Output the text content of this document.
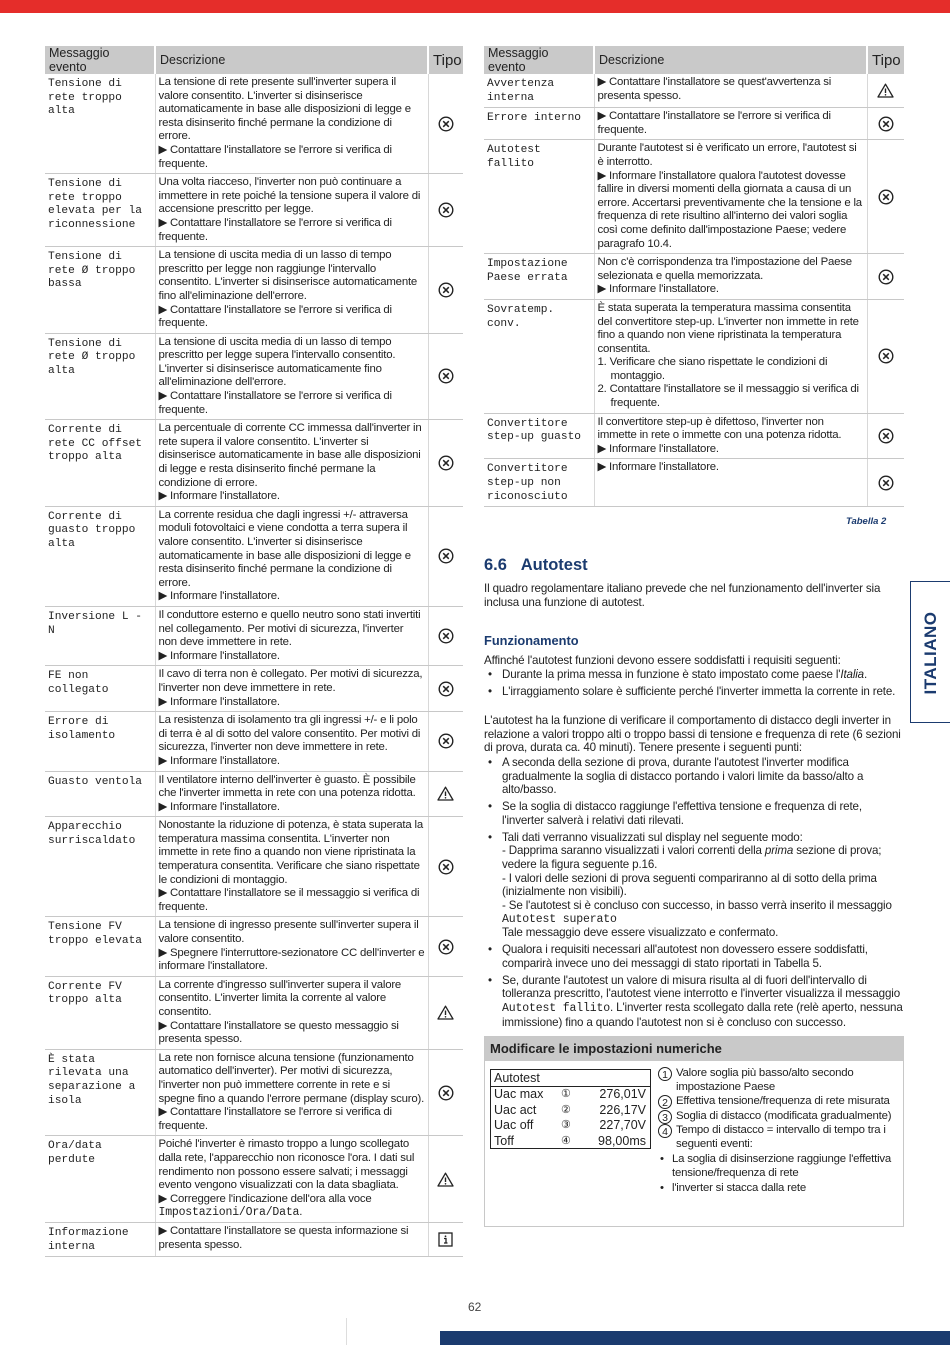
Messaggio evento	Descrizione	Tipo
Tensione di rete troppo alta	La tensione di rete presente sull'inverter supera il valore consentito. L'inverter si disinserisce automaticamente in base alle disposizioni di legge e resta disinserito finché permane la condizione di errore.
▶ Contattare l'installatore se l'errore si verifica di frequente.

Tensione di rete troppo elevata per la riconnessione	Una volta riacceso, l'inverter non può continuare a immettere in rete poiché la tensione supera il valore di accensione prescritto per legge.
▶ Contattare l'installatore se l'errore si verifica di frequente.

Tensione di rete Ø troppo bassa	La tensione di uscita media di un lasso di tempo prescritto per legge non raggiunge l'intervallo consentito. L'inverter si disinserisce automaticamente fino all'eliminazione dell'errore.
▶ Contattare l'installatore se l'errore si verifica di frequente.

Tensione di rete Ø troppo alta	La tensione di uscita media di un lasso di tempo prescritto per legge supera l'intervallo consentito. L'inverter si disinserisce automaticamente fino all'eliminazione dell'errore.
▶ Contattare l'installatore se l'errore si verifica di frequente.

Corrente di rete CC offset troppo alta	La percentuale di corrente CC immessa dall'inverter in rete supera il valore consentito. L'inverter si disinserisce automaticamente in base alle disposizioni di legge e resta disinserito finché permane la condizione di errore.
▶ Informare l'installatore.

Corrente di guasto troppo alta	La corrente residua che dagli ingressi +/- attraversa moduli fotovoltaici e viene condotta a terra supera il valore consentito. L'inverter si disinserisce automaticamente in base alle disposizioni di legge e resta disinserito finché permane la condizione di errore.
▶ Informare l'installatore.

Inversione L - N	Il conduttore esterno e quello neutro sono stati invertiti nel collegamento. Per motivi di sicurezza, l'inverter non deve immettere in rete.
▶ Informare l'installatore.

FE non collegato	Il cavo di terra non è collegato. Per motivi di sicurezza, l'inverter non deve immettere in rete.
▶ Informare l'installatore.

Errore di isolamento	La resistenza di isolamento tra gli ingressi +/- e li polo di terra è al di sotto del valore consentito. Per motivi di sicurezza, l'inverter non deve immettere in rete.
▶ Informare l'installatore.

Guasto ventola	Il ventilatore interno dell'inverter è guasto. È possibile che l'inverter immetta in rete con una potenza ridotta.
▶ Informare l'installatore.

Apparecchio surriscaldato	Nonostante la riduzione di potenza, è stata superata la temperatura massima consentita. L'inverter non immette in rete fino a quando non viene ripristinata la temperatura consentita. Verificare che siano rispettate le condizioni di montaggio.
▶ Contattare l'installatore se il messaggio si verifica di frequente.

Tensione FV troppo elevata	La tensione di ingresso presente sull'inverter supera il valore consentito.
▶ Spegnere l'interruttore-sezionatore CC dell'inverter e informare l'installatore.

Corrente FV troppo alta	La corrente d'ingresso sull'inverter supera il valore consentito. L'inverter limita la corrente al valore consentito.
▶ Contattare l'installatore se questo messaggio si presenta spesso.

È stata rilevata una separazione a isola	La rete non fornisce alcuna tensione (funzionamento automatico dell'inverter). Per motivi di sicurezza, l'inverter non può immettere corrente in rete e si spegne fino a quando l'errore permane (display scuro).
▶ Contattare l'installatore se l'errore si verifica di frequente.

Ora/data perdute	Poiché l'inverter è rimasto troppo a lungo scollegato dalla rete, l'apparecchio non riconosce l'ora. I dati sul rendimento non possono essere salvati; i messaggi evento vengono visualizzati con la data sbagliata.
▶ Correggere l'indicazione dell'ora alla voce
Impostazioni/Ora/Data.	

Informazione interna	▶ Contattare l'installatore se questa informazione si presenta spesso.

Messaggio evento	Descrizione	Tipo
Avvertenza interna	▶ Contattare l'installatore se quest'avvertenza si presenta spesso.

Errore interno	▶ Contattare l'installatore se l'errore si verifica di frequente.

Autotest fallito	Durante l'autotest si è verificato un errore, l'autotest si è interrotto.
▶ Informare l'installatore qualora l'autotest dovesse fallire in diversi momenti della giornata a causa di un errore. Accertarsi preventivamente che la tensione e la frequenza di rete risultino all'interno dei valori soglia così come definito dall'impostazione Paese; vedere paragrafo 10.4.

Impostazione Paese errata	Non c'è corrispondenza tra l'impostazione del Paese selezionata e quella memorizzata.
▶ Informare l'installatore.

Sovratemp. conv.	È stata superata la temperatura massima consentita del convertitore step-up. L'inverter non immette in rete fino a quando non viene ripristinata la temperatura consentita.
1. Verificare che siano rispettate le condizioni di montaggio.
2. Contattare l'installatore se il messaggio si verifica di frequente.

Convertitore step-up guasto	Il convertitore step-up è difettoso, l'inverter non immette in rete o immette con una potenza ridotta.
▶ Informare l'installatore.

Convertitore step-up non riconosciuto	▶ Informare l'installatore.

Tabella 2
6.6 Autotest
Il quadro regolamentare italiano prevede che nel funzionamento dell'inverter sia inclusa una funzione di autotest.
Funzionamento
Affinché l'autotest funzioni devono essere soddisfatti i requisiti seguenti:
• Durante la prima messa in funzione è stato impostato come paese l'Italia.
• L'irraggiamento solare è sufficiente perché l'inverter immetta la corrente in rete.
L'autotest ha la funzione di verificare il comportamento di distacco degli inverter in relazione a valori troppo alti o troppo bassi di tensione e frequenza di rete (6 sezioni di prova, durata ca. 40 minuti). Tenere presente i seguenti punti:
• A seconda della sezione di prova, durante l'autotest l'inverter modifica gradualmente la soglia di distacco portando i valori limite da basso/alto a alto/basso.
• Se la soglia di distacco raggiunge l'effettiva tensione e frequenza di rete, l'inverter salverà i relativi dati rilevati.
• Tali dati verranno visualizzati sul display nel seguente modo:
- Dapprima saranno visualizzati i valori correnti della prima sezione di prova; vedere la figura seguente p.16.
- I valori delle sezioni di prova seguenti compariranno al di sotto della prima (inizialmente non visibili).
- Se l'autotest si è concluso con successo, in basso verrà inserito il messaggio
Autotest superato
Tale messaggio deve essere visualizzato e confermato.
• Qualora i requisiti necessari all'autotest non dovessero essere soddisfatti, comparirà invece uno dei messaggi di stato riportati in Tabella 5.
• Se, durante l'autotest un valore di misura risulta al di fuori dell'intervallo di tolleranza prescritto, l'autotest viene interrotto e l'inverter visualizza il messaggio Autotest fallito. L'inverter resta scollegato dalla rete (relè aperto, nessuna immissione) fino a quando l'autotest non si è concluso con successo.
Modificare le impostazioni numeriche
Autotest
Uac max ① 276,01V
Uac act ② 226,17V
Uac off	③ 227,70V
Toff	④ 98,00ms
1 Valore soglia più basso/alto secondo impostazione Paese
2 Effettiva tensione/frequenza di rete misurata
3 Soglia di distacco (modificata gradualmente)
4 Tempo di distacco = intervallo di tempo tra i seguenti eventi:
• La soglia di disinserzione raggiunge l'effettiva tensione/frequenza di rete
• l'inverter si stacca dalla rete
ITALIANO
62
